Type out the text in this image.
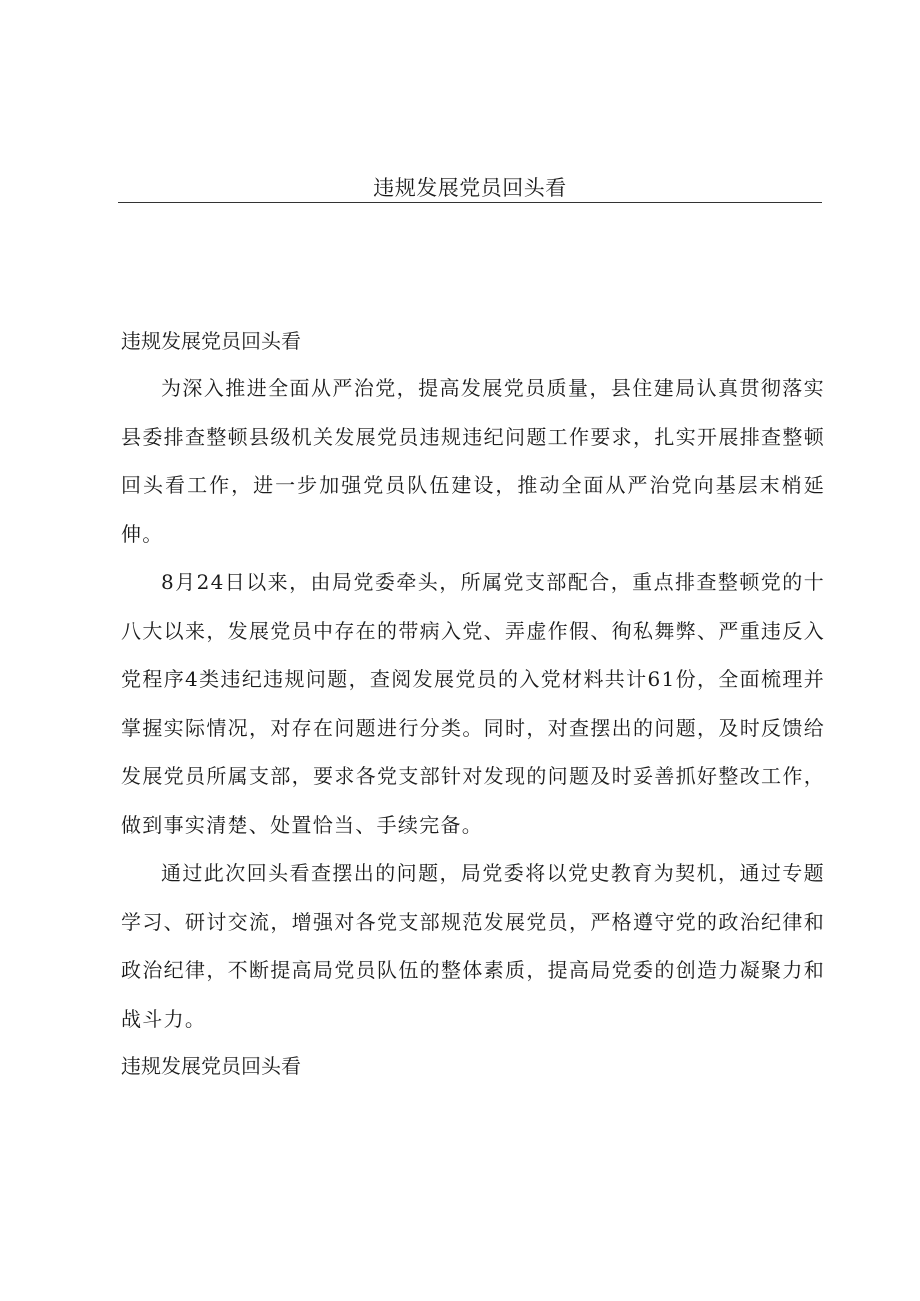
违规发展党员回头看
违规发展党员回头看

为深入推进全面从严治党，提高发展党员质量，县住建局认真贯彻落实县委排查整顿县级机关发展党员违规违纪问题工作要求，扎实开展排查整顿回头看工作，进一步加强党员队伍建设，推动全面从严治党向基层末梢延伸。

8月24日以来，由局党委牵头，所属党支部配合，重点排查整顿党的十八大以来，发展党员中存在的带病入党、弄虚作假、徇私舞弊、严重违反入党程序4类违纪违规问题，查阅发展党员的入党材料共计61份，全面梳理并掌握实际情况，对存在问题进行分类。同时，对查摆出的问题，及时反馈给发展党员所属支部，要求各党支部针对发现的问题及时妥善抓好整改工作，做到事实清楚、处置恰当、手续完备。

通过此次回头看查摆出的问题，局党委将以党史教育为契机，通过专题学习、研讨交流，增强对各党支部规范发展党员，严格遵守党的政治纪律和政治纪律，不断提高局党员队伍的整体素质，提高局党委的创造力凝聚力和战斗力。

违规发展党员回头看
